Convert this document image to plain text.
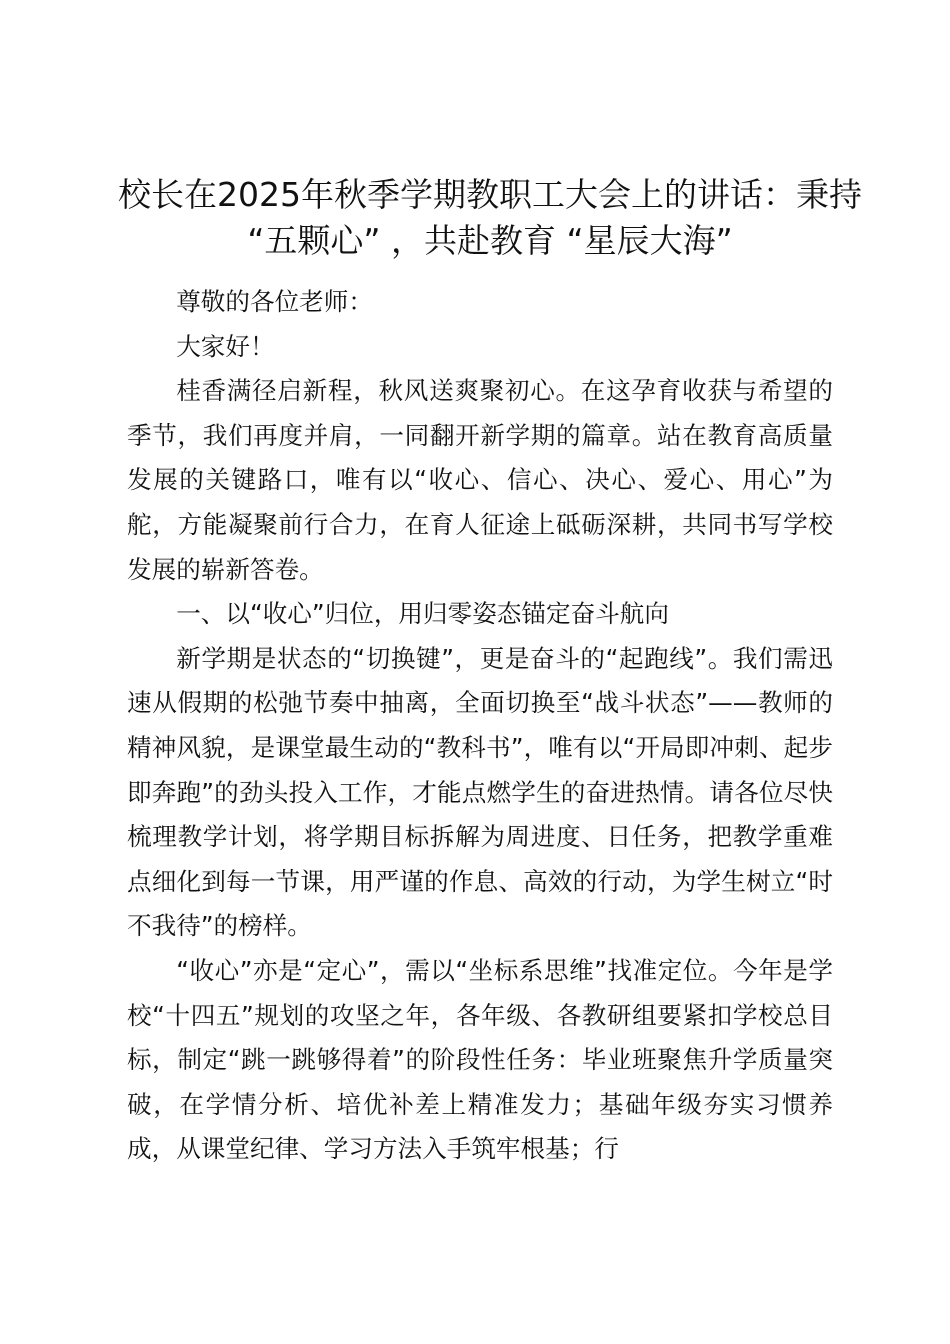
校长在2025年秋季学期教职工大会上的讲话：秉持 “五颗心” ，共赴教育 “星辰大海”

尊敬的各位老师：

大家好！

桂香满径启新程，秋风送爽聚初心。在这孕育收获与希望的季节，我们再度并肩，一同翻开新学期的篇章。站在教育高质量发展的关键路口，唯有以“收心、信心、决心、爱心、用心”为舵，方能凝聚前行合力，在育人征途上砥砺深耕，共同书写学校发展的崭新答卷。

一、以“收心”归位，用归零姿态锚定奋斗航向

新学期是状态的“切换键”，更是奋斗的“起跑线”。我们需迅速从假期的松弛节奏中抽离，全面切换至“战斗状态”——教师的精神风貌，是课堂最生动的“教科书”，唯有以“开局即冲刺、起步即奔跑”的劲头投入工作，才能点燃学生的奋进热情。请各位尽快梳理教学计划，将学期目标拆解为周进度、日任务，把教学重难点细化到每一节课，用严谨的作息、高效的行动，为学生树立“时不我待”的榜样。

“收心”亦是“定心”，需以“坐标系思维”找准定位。今年是学校“十四五”规划的攻坚之年，各年级、各教研组要紧扣学校总目标，制定“跳一跳够得着”的阶段性任务：毕业班聚焦升学质量突破，在学情分析、培优补差上精准发力；基础年级夯实习惯养成，从课堂纪律、学习方法入手筑牢根基；行
